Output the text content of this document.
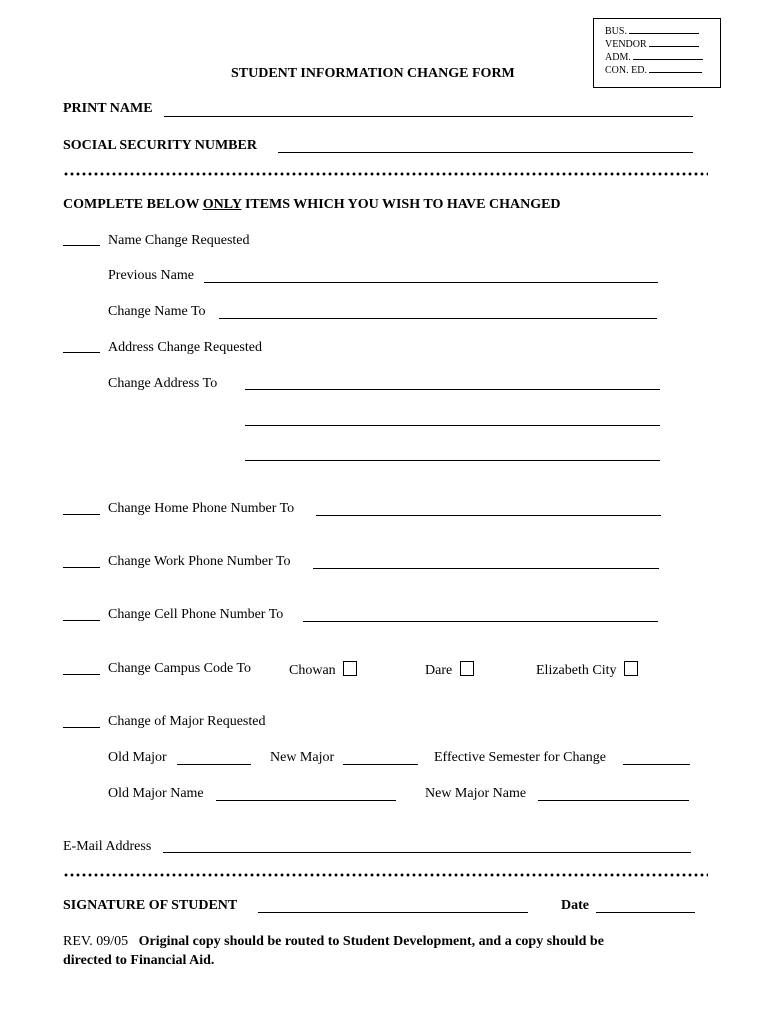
BUS.
VENDOR
ADM.
CON. ED.
STUDENT INFORMATION CHANGE FORM
PRINT NAME
SOCIAL SECURITY NUMBER
COMPLETE BELOW ONLY ITEMS WHICH YOU WISH TO HAVE CHANGED
Name Change Requested
Previous Name
Change Name To
Address Change Requested
Change Address To
Change Home Phone Number To
Change Work Phone Number To
Change Cell Phone Number To
Change Campus Code To	Chowan	Dare	Elizabeth City
Change of Major Requested
Old Major	New Major	Effective Semester for Change
Old Major Name	New Major Name
E-Mail Address
SIGNATURE OF STUDENT	Date
REV. 09/05 Original copy should be routed to Student Development, and a copy should be
directed to Financial Aid.
